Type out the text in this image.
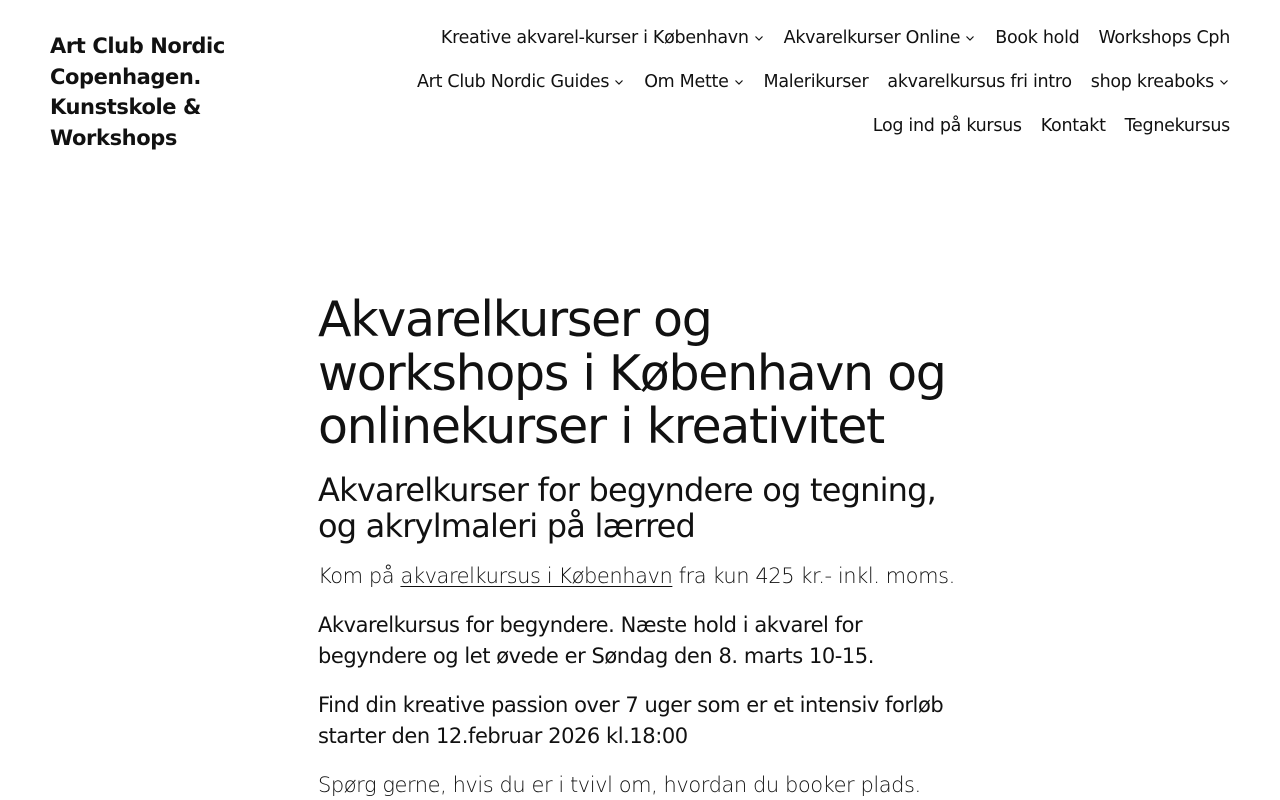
Art Club Nordic Copenhagen. Kunstskole & Workshops
Kreative akvarel-kurser i København Akvarelkurser Online Book hold Workshops Cph
Art Club Nordic Guides Om Mette Malerikurser akvarelkursus fri intro shop kreaboks
Log ind på kursus Kontakt Tegnekursus
Akvarelkurser og workshops i København og onlinekurser i kreativitet
Akvarelkurser for begyndere og tegning, og akrylmaleri på lærred

Kom på akvarelkursus i København fra kun 425 kr.- inkl. moms.

Akvarelkursus for begyndere. Næste hold i akvarel for begyndere og let øvede er Søndag den 8. marts 10-15.

Find din kreative passion over 7 uger som er et intensiv forløb starter den 12.februar 2026 kl.18:00

Spørg gerne, hvis du er i tvivl om, hvordan du booker plads.
